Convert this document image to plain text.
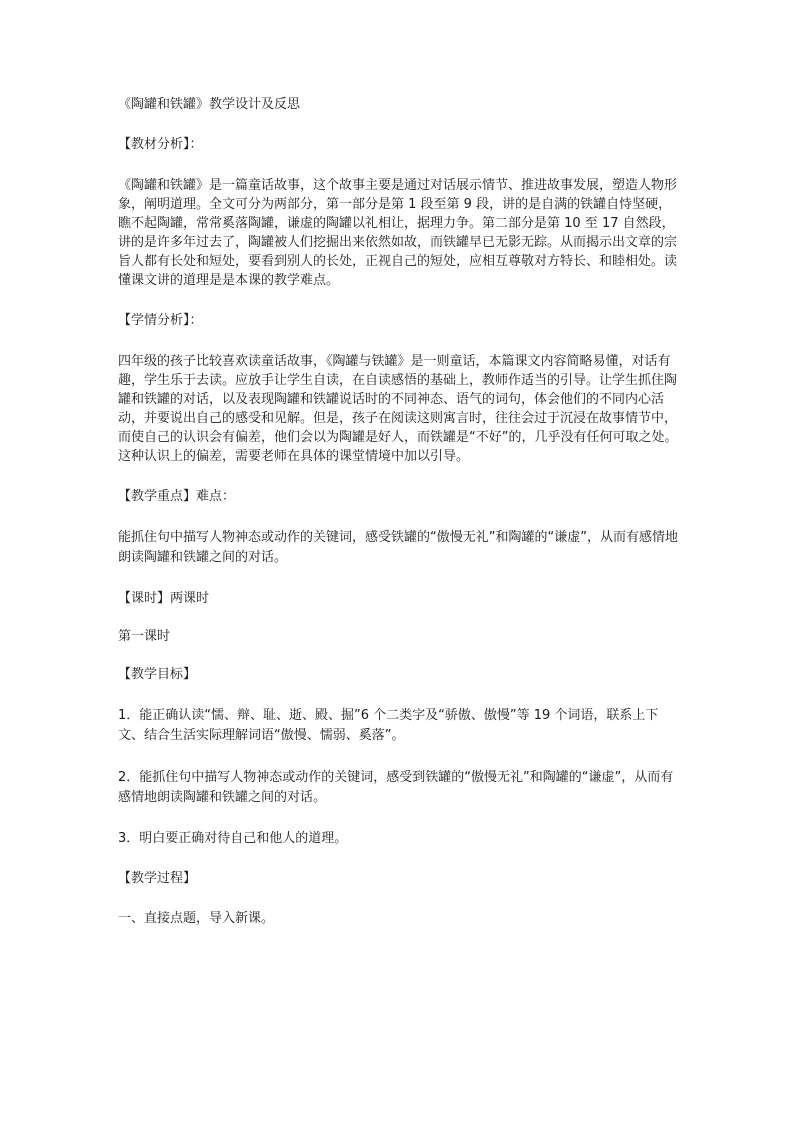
《陶罐和铁罐》教学设计及反思

【教材分析】：

《陶罐和铁罐》是一篇童话故事，这个故事主要是通过对话展示情节、推进故事发展，塑造人物形象，阐明道理。全文可分为两部分，第一部分是第 1 段至第 9 段，讲的是自满的铁罐自恃坚硬，瞧不起陶罐，常常奚落陶罐，谦虚的陶罐以礼相让，据理力争。第二部分是第 10 至 17 自然段，讲的是许多年过去了，陶罐被人们挖掘出来依然如故，而铁罐早已无影无踪。从而揭示出文章的宗旨人都有长处和短处，要看到别人的长处，正视自己的短处，应相互尊敬对方特长、和睦相处。读懂课文讲的道理是是本课的教学难点。

【学情分析】：

四年级的孩子比较喜欢读童话故事，《陶罐与铁罐》是一则童话，本篇课文内容简略易懂，对话有趣，学生乐于去读。应放手让学生自读，在自读感悟的基础上，教师作适当的引导。让学生抓住陶罐和铁罐的对话，以及表现陶罐和铁罐说话时的不同神态、语气的词句，体会他们的不同内心活动，并要说出自己的感受和见解。但是，孩子在阅读这则寓言时，往往会过于沉浸在故事情节中，而使自己的认识会有偏差，他们会以为陶罐是好人，而铁罐是“不好”的，几乎没有任何可取之处。这种认识上的偏差，需要老师在具体的课堂情境中加以引导。

【教学重点】难点：

能抓住句中描写人物神态或动作的关键词，感受铁罐的“傲慢无礼”和陶罐的“谦虚”，从而有感情地朗读陶罐和铁罐之间的对话。

【课时】两课时

第一课时

【教学目标】

1．能正确认读“懦、辩、耻、逝、殿、掘”6 个二类字及“骄傲、傲慢”等 19 个词语，联系上下文、结合生活实际理解词语“傲慢、懦弱、奚落”。

2．能抓住句中描写人物神态或动作的关键词，感受到铁罐的“傲慢无礼”和陶罐的“谦虚”，从而有感情地朗读陶罐和铁罐之间的对话。

3．明白要正确对待自己和他人的道理。

【教学过程】

一、直接点题，导入新课。
